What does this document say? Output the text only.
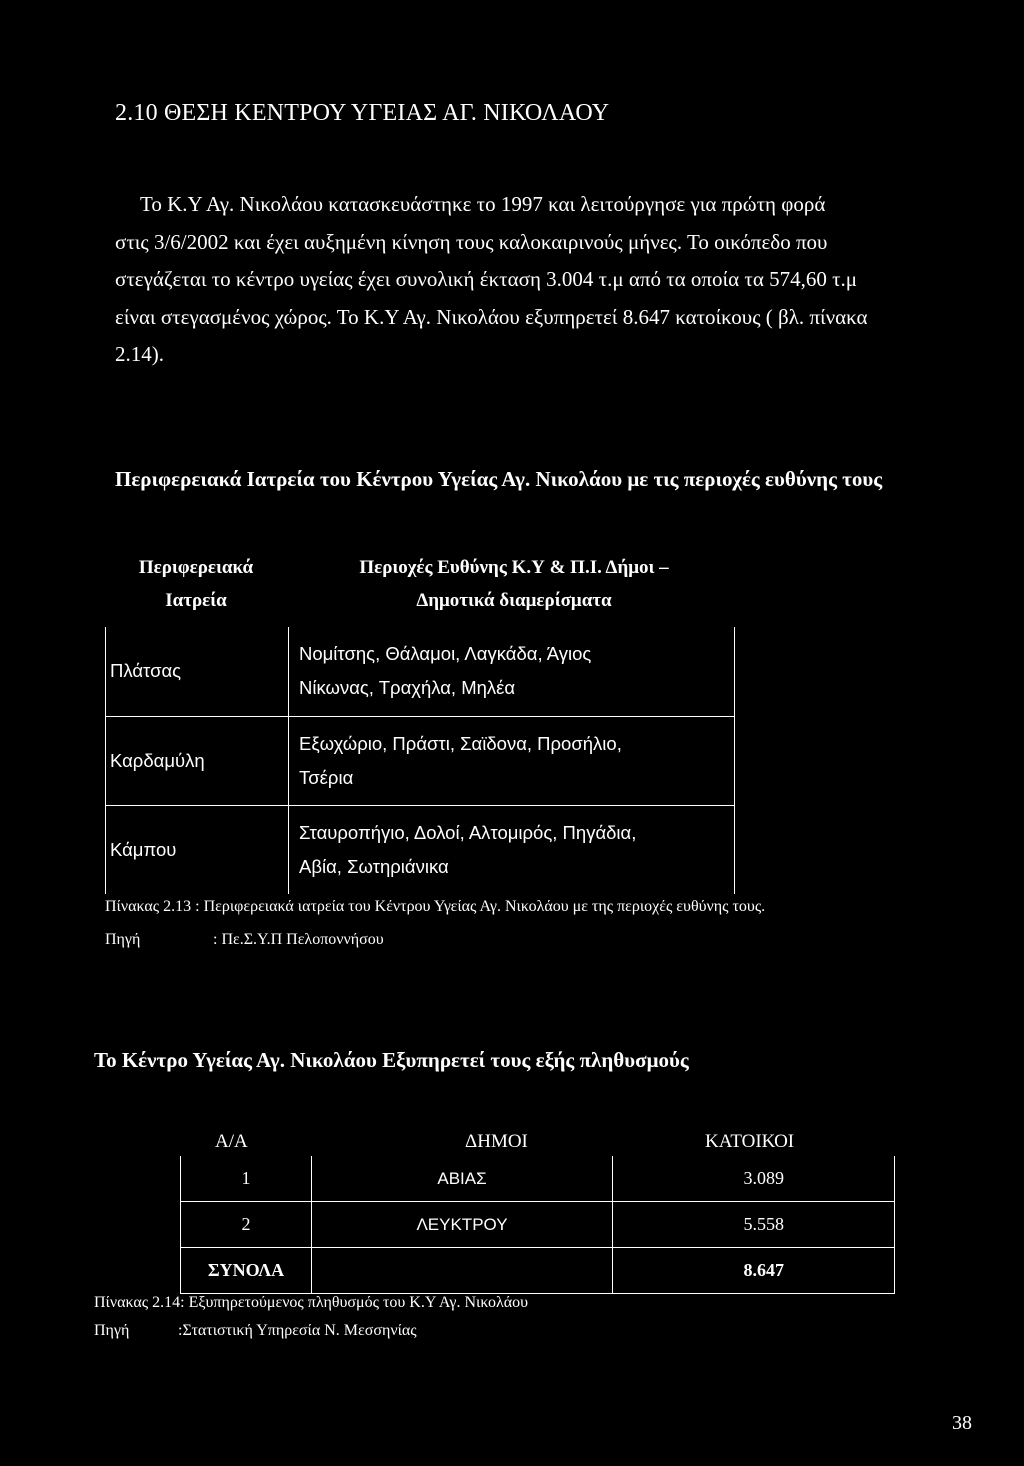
2.10 ΘΕΣΗ ΚΕΝΤΡΟΥ ΥΓΕΙΑΣ ΑΓ. ΝΙΚΟΛΑΟΥ
Το Κ.Υ Αγ. Νικολάου κατασκευάστηκε το 1997 και λειτούργησε για πρώτη φορά
στις 3/6/2002 και έχει αυξημένη κίνηση τους καλοκαιρινούς μήνες. Το οικόπεδο που
στεγάζεται το κέντρο υγείας έχει συνολική έκταση 3.004 τ.μ από τα οποία τα 574,60 τ.μ
είναι στεγασμένος χώρος. Το Κ.Υ Αγ. Νικολάου εξυπηρετεί 8.647 κατοίκους ( βλ. πίνακα
2.14).
Περιφερειακά Ιατρεία του Κέντρου Υγείας Αγ. Νικολάου με τις περιοχές ευθύνης τους
Περιφερειακά
Ιατρεία
Περιοχές Ευθύνης Κ.Υ & Π.Ι. Δήμοι –
Δημοτικά διαμερίσματα
Πλάτσας	Νομίτσης, Θάλαμοι, Λαγκάδα, Άγιος
Νίκωνας, Τραχήλα, Μηλέα

Καρδαμύλη	Εξωχώριο, Πράστι, Σαϊδονα, Προσήλιο,
Τσέρια

Κάμπου	Σταυροπήγιο, Δολοί, Αλτομιρός, Πηγάδια,
Αβία, Σωτηριάνικα
Πίνακας 2.13 : Περιφερειακά ιατρεία του Κέντρου Υγείας Αγ. Νικολάου με της περιοχές ευθύνης τους.
Πηγή	: Πε.Σ.Υ.Π Πελοποννήσου
Το Κέντρο Υγείας Αγ. Νικολάου Εξυπηρετεί τους εξής πληθυσμούς
Α/Α	ΔΗΜΟΙ	ΚΑΤΟΙΚΟΙ
1	ΑΒΙΑΣ	3.089
2	ΛΕΥΚΤΡΟΥ	5.558
ΣΥΝΟΛΑ		8.647
Πίνακας 2.14: Εξυπηρετούμενος πληθυσμός του Κ.Υ Αγ. Νικολάου
Πηγή	:Στατιστική Υπηρεσία Ν. Μεσσηνίας
38
